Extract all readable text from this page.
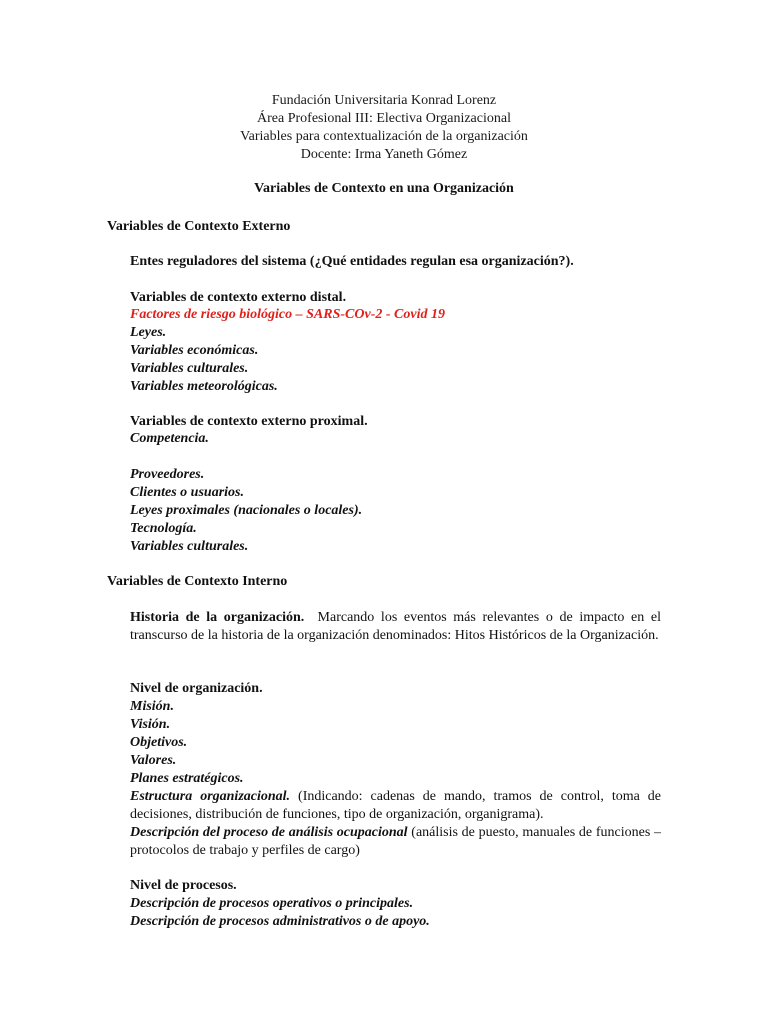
Fundación Universitaria Konrad Lorenz
Área Profesional III: Electiva Organizacional
Variables para contextualización de la organización
Docente: Irma Yaneth Gómez
Variables de Contexto en una Organización
Variables de Contexto Externo
Entes reguladores del sistema (¿Qué entidades regulan esa organización?).
Variables de contexto externo distal.
Factores de riesgo biológico – SARS-COv-2 - Covid 19
Leyes.
Variables económicas.
Variables culturales.
Variables meteorológicas.
Variables de contexto externo proximal.
Competencia.
Proveedores.
Clientes o usuarios.
Leyes proximales (nacionales o locales).
Tecnología.
Variables culturales.
Variables de Contexto Interno
Historia de la organización. Marcando los eventos más relevantes o de impacto en el transcurso de la historia de la organización denominados: Hitos Históricos de la Organización.
Nivel de organización.
Misión.
Visión.
Objetivos.
Valores.
Planes estratégicos.
Estructura organizacional. (Indicando: cadenas de mando, tramos de control, toma de decisiones, distribución de funciones, tipo de organización, organigrama).
Descripción del proceso de análisis ocupacional (análisis de puesto, manuales de funciones – protocolos de trabajo y perfiles de cargo)
Nivel de procesos.
Descripción de procesos operativos o principales.
Descripción de procesos administrativos o de apoyo.
